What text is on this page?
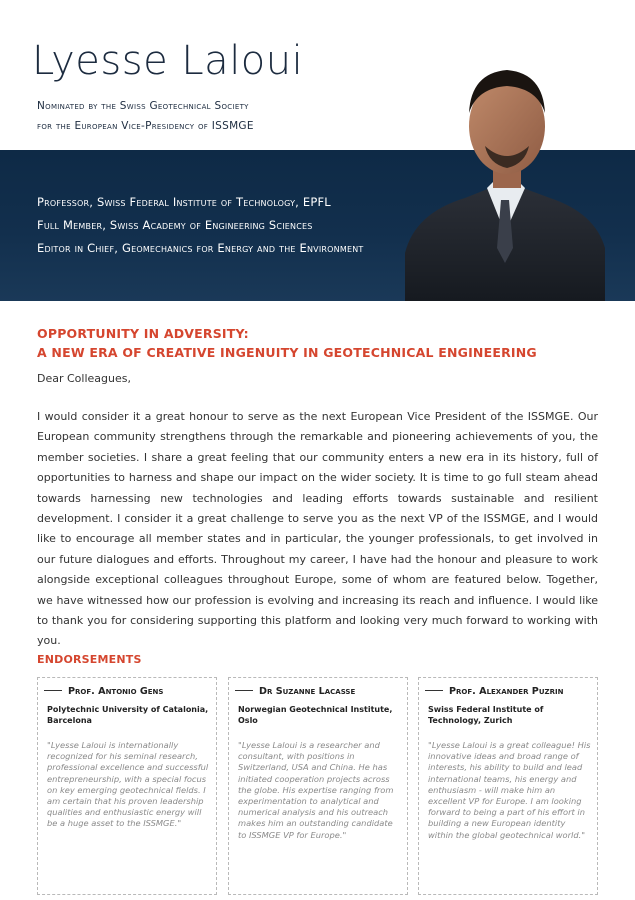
Lyesse Laloui
Nominated by the Swiss Geotechnical Society
for the European Vice-Presidency of ISSMGE
Professor, Swiss Federal Institute of Technology, EPFL
Full Member, Swiss Academy of Engineering Sciences
Editor in Chief, Geomechanics for Energy and the Environment
OPPORTUNITY IN ADVERSITY:
A NEW ERA OF CREATIVE INGENUITY IN GEOTECHNICAL ENGINEERING
Dear Colleagues,
I would consider it a great honour to serve as the next European Vice President of the ISSMGE. Our European community strengthens through the remarkable and pioneering achievements of you, the member societies. I share a great feeling that our community enters a new era in its history, full of opportunities to harness and shape our impact on the wider society. It is time to go full steam ahead towards harnessing new technologies and leading efforts towards sustainable and resilient development. I consider it a great challenge to serve you as the next VP of the ISSMGE, and I would like to encourage all member states and in particular, the younger professionals, to get involved in our future dialogues and efforts. Throughout my career, I have had the honour and pleasure to work alongside exceptional colleagues throughout Europe, some of whom are featured below. Together, we have witnessed how our profession is evolving and increasing its reach and influence. I would like to thank you for considering supporting this platform and looking very much forward to working with you.
ENDORSEMENTS
Prof. Antonio Gens
Polytechnic University of Catalonia, Barcelona
"Lyesse Laloui is internationally recognized for his seminal research, professional excellence and successful entrepreneurship, with a special focus on key emerging geotechnical fields. I am certain that his proven leadership qualities and enthusiastic energy will be a huge asset to the ISSMGE."
Dr Suzanne Lacasse
Norwegian Geotechnical Institute, Oslo
"Lyesse Laloui is a researcher and consultant, with positions in Switzerland, USA and China. He has initiated cooperation projects across the globe. His expertise ranging from experimentation to analytical and numerical analysis and his outreach makes him an outstanding candidate to ISSMGE VP for Europe."
Prof. Alexander Puzrin
Swiss Federal Institute of Technology, Zurich
"Lyesse Laloui is a great colleague! His innovative ideas and broad range of interests, his ability to build and lead international teams, his energy and enthusiasm - will make him an excellent VP for Europe. I am looking forward to being a part of his effort in building a new European identity within the global geotechnical world."
